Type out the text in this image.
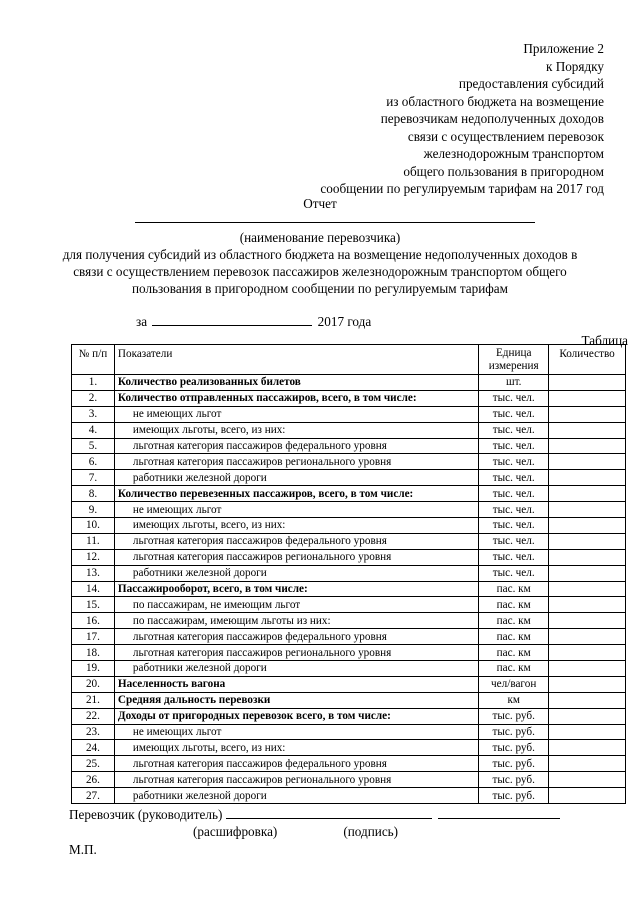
Приложение 2
к Порядку
предоставления субсидий
из областного бюджета на возмещение
перевозчикам недополученных доходов
связи с осуществлением перевозок
железнодорожным транспортом
общего пользования в пригородном
сообщении по регулируемым тарифам на 2017 год
Отчет
(наименование перевозчика)
для получения субсидий из областного бюджета на возмещение недополученных доходов в связи с осуществлением перевозок пассажиров железнодорожным транспортом общего пользования в пригородном сообщении по регулируемым тарифам
за	2017 года
Таблица
№ п/п	Показатели	Едница измерения	Количество
1.	Количество реализованных билетов	шт.	
2.	Количество отправленных пассажиров, всего, в том числе:	тыс. чел.	
3.	не имеющих льгот	тыс. чел.	
4.	имеющих льготы, всего, из них:	тыс. чел.	
5.	льготная категория пассажиров федерального уровня	тыс. чел.	
6.	льготная категория пассажиров регионального уровня	тыс. чел.	
7.	работники железной дороги	тыс. чел.	
8.	Количество перевезенных пассажиров, всего, в том числе:	тыс. чел.	
9.	не имеющих льгот	тыс. чел.	
10.	имеющих льготы, всего, из них:	тыс. чел.	
11.	льготная категория пассажиров федерального уровня	тыс. чел.	
12.	льготная категория пассажиров регионального уровня	тыс. чел.	
13.	работники железной дороги	тыс. чел.	
14.	Пассажирооборот, всего, в том числе:	пас. км	
15.	по пассажирам, не имеющим льгот	пас. км	
16.	по пассажирам, имеющим льготы из них:	пас. км	
17.	льготная категория пассажиров федерального уровня	пас. км	
18.	льготная категория пассажиров регионального уровня	пас. км	
19.	работники железной дороги	пас. км	
20.	Населенность вагона	чел/вагон	
21.	Средняя дальность перевозки	км	
22.	Доходы от пригородных перевозок всего, в том числе:	тыс. руб.	
23.	не имеющих льгот	тыс. руб.	
24.	имеющих льготы, всего, из них:	тыс. руб.	
25.	льготная категория пассажиров федерального уровня	тыс. руб.	
26.	льготная категория пассажиров регионального уровня	тыс. руб.	
27.	работники железной дороги	тыс. руб.	
Перевозчик (руководитель)
(расшифровка)	(подпись)
М.П.
